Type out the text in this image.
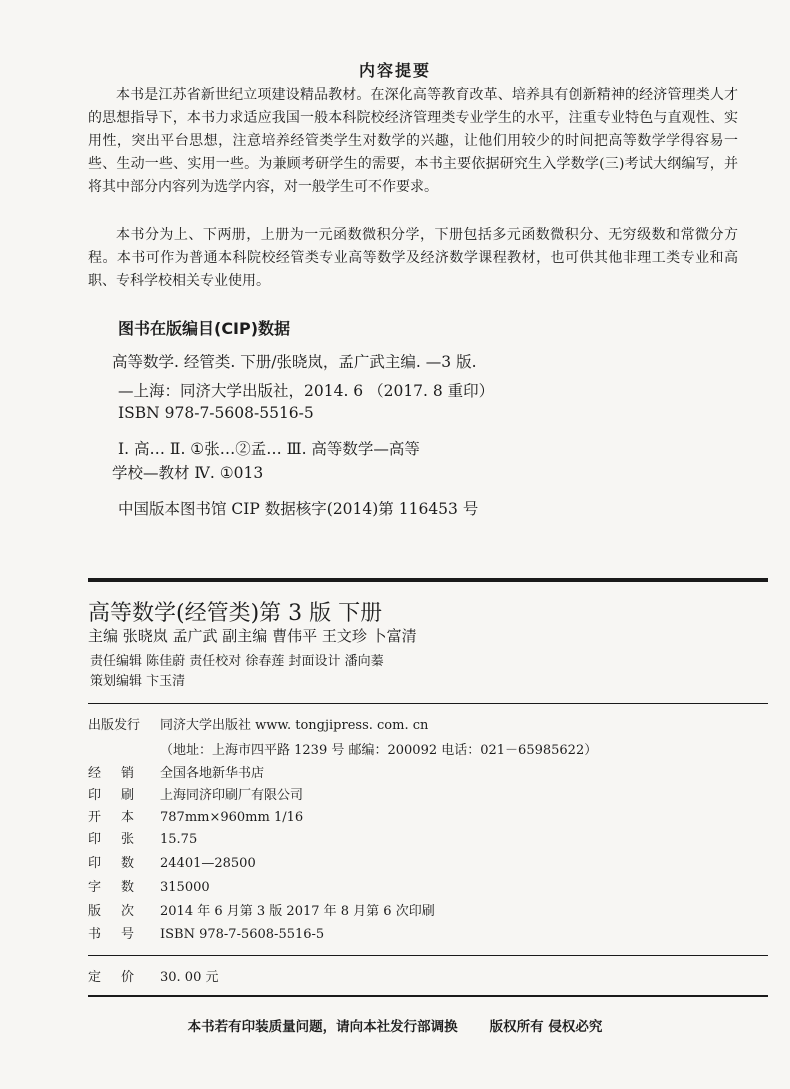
内容提要
本书是江苏省新世纪立项建设精品教材。在深化高等教育改革、培养具有创新精神的经济管理类人才的思想指导下，本书力求适应我国一般本科院校经济管理类专业学生的水平，注重专业特色与直观性、实用性，突出平台思想，注意培养经管类学生对数学的兴趣，让他们用较少的时间把高等数学学得容易一些、生动一些、实用一些。为兼顾考研学生的需要，本书主要依据研究生入学数学(三)考试大纲编写，并将其中部分内容列为选学内容，对一般学生可不作要求。
本书分为上、下两册，上册为一元函数微积分学，下册包括多元函数微积分、无穷级数和常微分方程。本书可作为普通本科院校经管类专业高等数学及经济数学课程教材，也可供其他非理工类专业和高职、专科学校相关专业使用。
图书在版编目(CIP)数据
高等数学. 经管类. 下册/张晓岚，孟广武主编. —3 版.
—上海：同济大学出版社，2014. 6 （2017. 8 重印）
ISBN 978-7-5608-5516-5
Ⅰ. 高… Ⅱ. ①张…②孟… Ⅲ. 高等数学—高等
学校—教材 Ⅳ. ①013
中国版本图书馆 CIP 数据核字(2014)第 116453 号
高等数学(经管类)第 3 版 下册
主编 张晓岚 孟广武 副主编 曹伟平 王文珍 卜富清
责任编辑 陈佳蔚 责任校对 徐春莲 封面设计 潘向蓁
策划编辑 卞玉清
出版发行 同济大学出版社 www. tongjipress. com. cn
（地址：上海市四平路 1239 号 邮编：200092 电话：021－65985622）
经销 全国各地新华书店
印刷 上海同济印刷厂有限公司
开本 787mm×960mm 1/16
印张 15.75
印数 24401—28500
字数 315000
版次 2014 年 6 月第 3 版 2017 年 8 月第 6 次印刷
书号 ISBN 978-7-5608-5516-5
定价 30. 00 元
本书若有印装质量问题，请向本社发行部调换 版权所有 侵权必究
